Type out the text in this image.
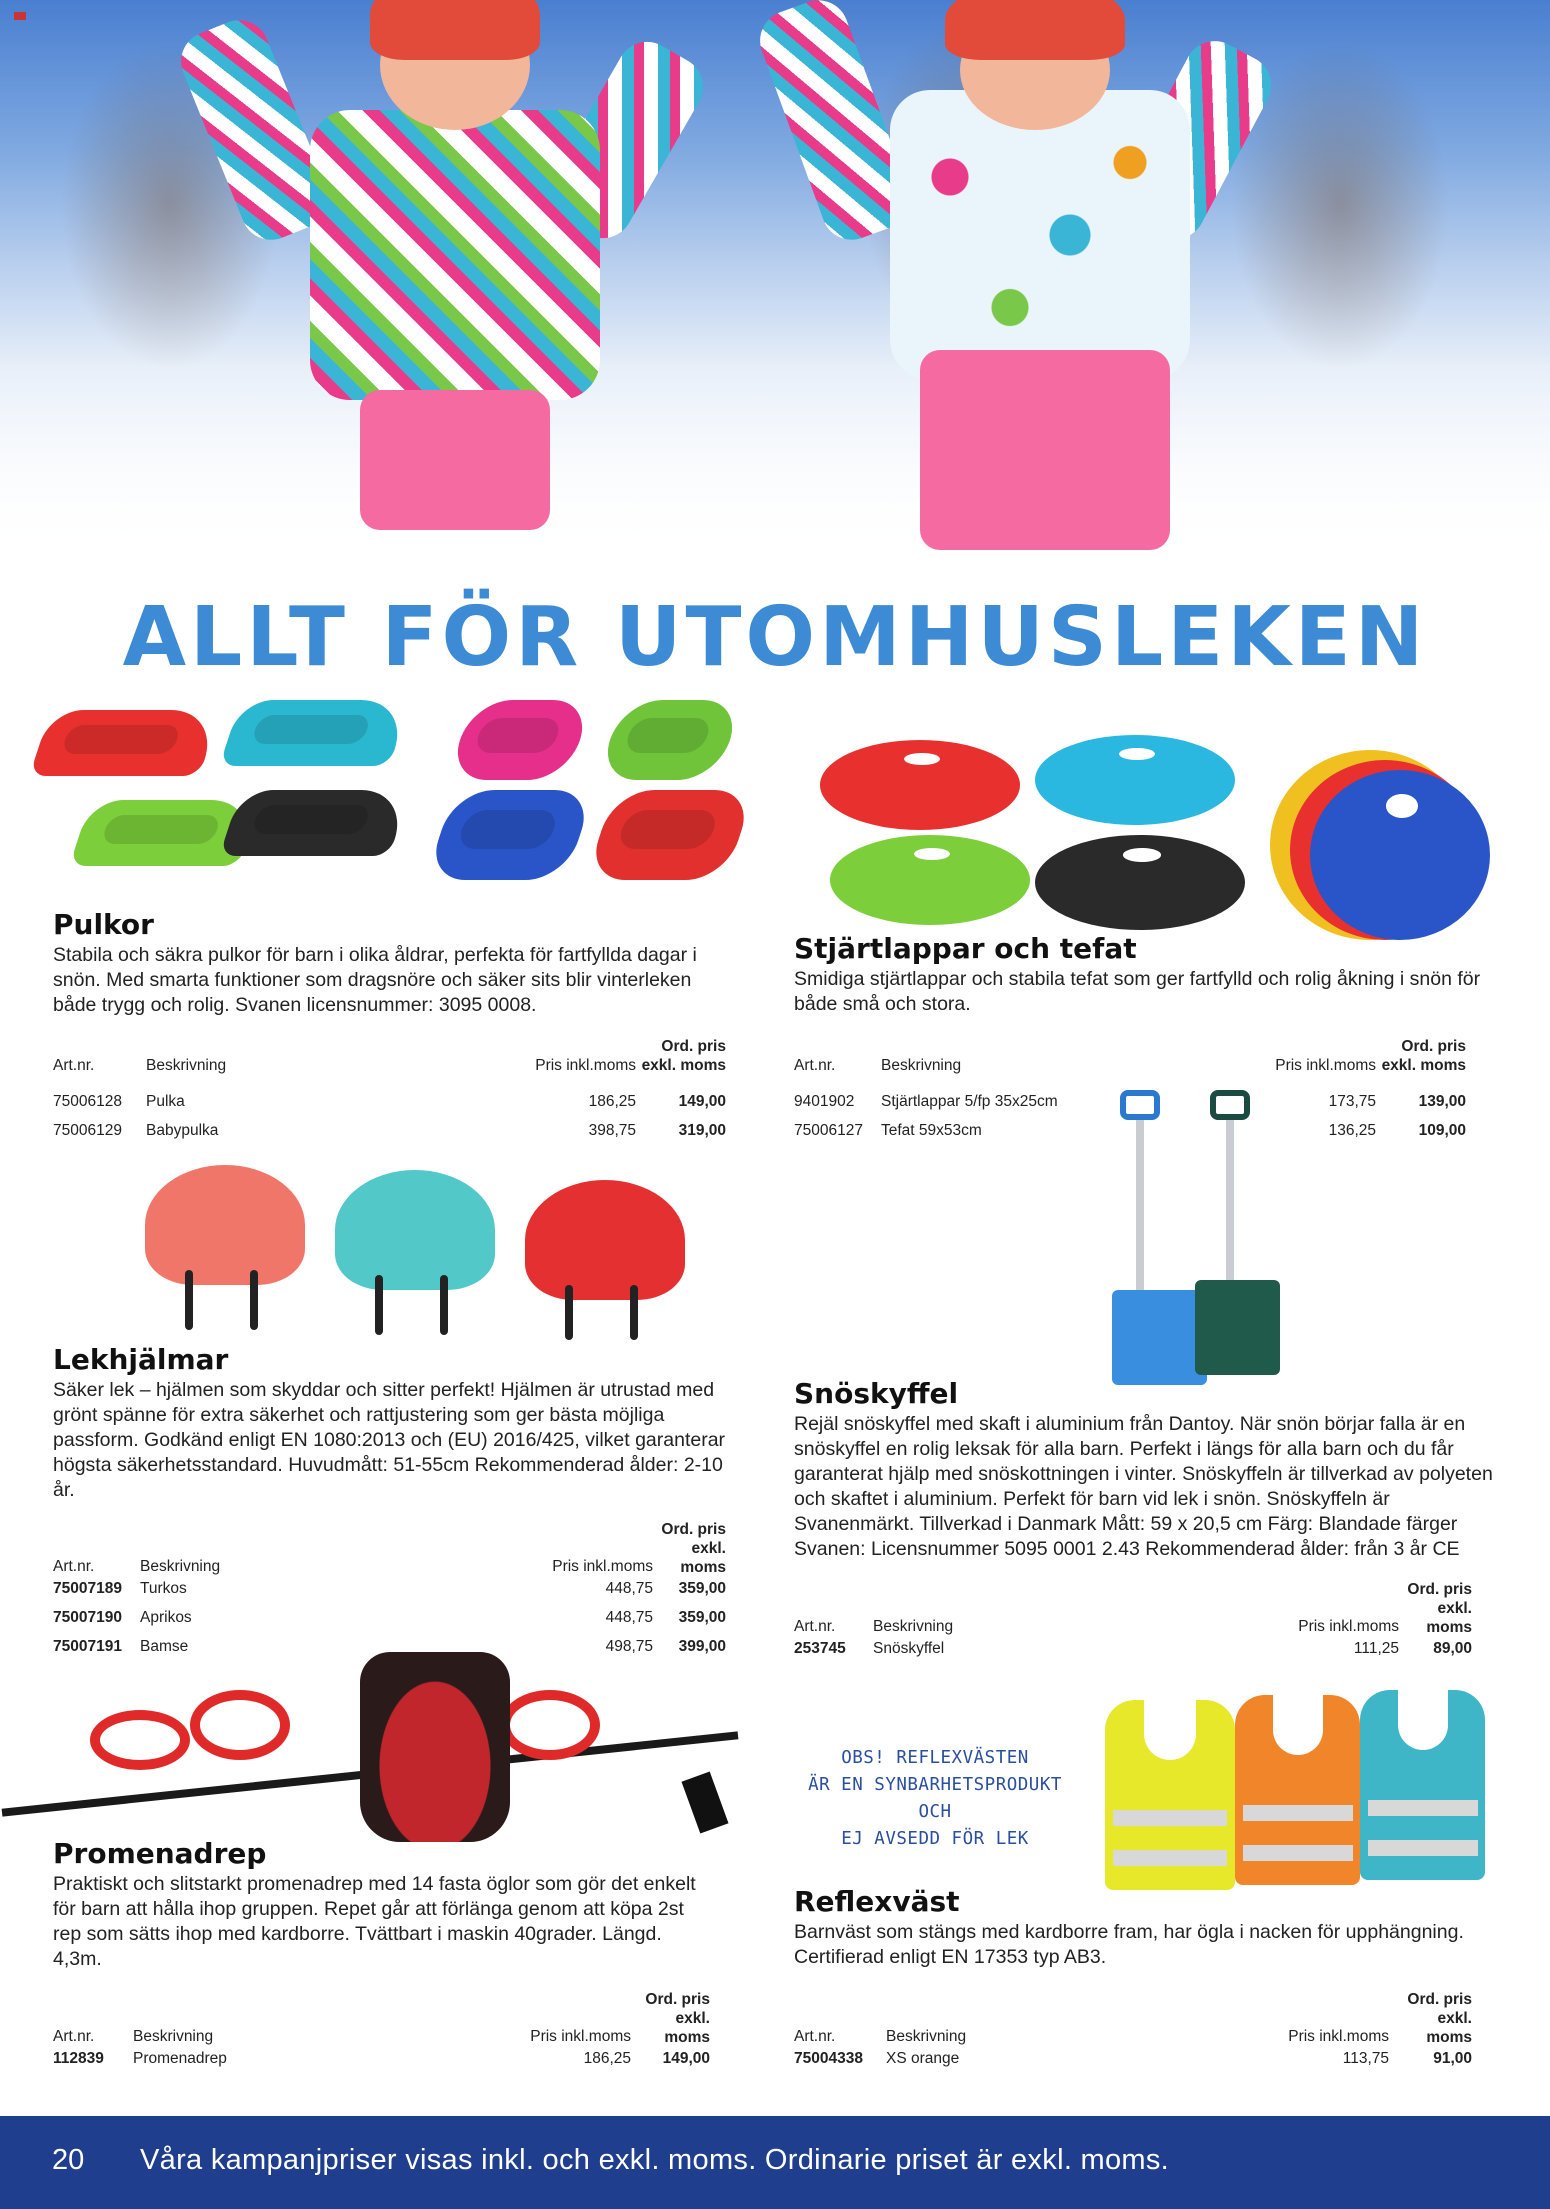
ALLT FÖR UTOMHUSLEKEN
Pulkor

Stabila och säkra pulkor för barn i olika åldrar, perfekta för fartfyllda dagar i snön. Med smarta funktioner som dragsnöre och säker sits blir vinterleken både trygg och rolig. Svanen licensnummer: 3095 0008.

Art.nr.	Beskrivning	Pris inkl.moms
Ord. pris
exkl. moms
75006128 Pulka	186,25	149,00
75006129 Babypulka	398,75	319,00
Stjärtlappar och tefat

Smidiga stjärtlappar och stabila tefat som ger fartfylld och rolig åkning i snön för både små och stora.

Art.nr.	Beskrivning	Pris inkl.moms
Ord. pris
exkl. moms
9401902 Stjärtlappar 5/fp 35x25cm	173,75	139,00
75006127 Tefat 59x53cm	136,25	109,00
Lekhjälmar

Säker lek – hjälmen som skyddar och sitter perfekt! Hjälmen är utrustad med grönt spänne för extra säkerhet och rattjustering som ger bästa möjliga passform. Godkänd enligt EN 1080:2013 och (EU) 2016/425, vilket garanterar högsta säkerhetsstandard. Huvudmått: 51-55cm Rekommenderad ålder: 2-10 år.

Art.nr.	Beskrivning	Pris inkl.moms
Ord. pris
exkl.
moms
75007189 Turkos	448,75 359,00
75007190 Aprikos	448,75 359,00
75007191 Bamse	498,75 399,00
Snöskyffel

Rejäl snöskyffel med skaft i aluminium från Dantoy. När snön börjar falla är en snöskyffel en rolig leksak för alla barn. Perfekt i längs för alla barn och du får garanterat hjälp med snöskottningen i vinter. Snöskyffeln är tillverkad av polyeten och skaftet i aluminium. Perfekt för barn vid lek i snön. Snöskyffeln är Svanenmärkt. Tillverkad i Danmark Mått: 59 x 20,5 cm Färg: Blandade färger Svanen: Licensnummer 5095 0001 2.43 Rekommenderad ålder: från 3 år CE

Art.nr. Beskrivning	Pris inkl.moms
Ord. pris
exkl.
moms
253745 Snöskyffel	111,25 89,00
OBS! REFLEXVÄSTEN
ÄR EN SYNBARHETSPRODUKT OCH
EJ AVSEDD FÖR LEK
Promenadrep

Praktiskt och slitstarkt promenadrep med 14 fasta öglor som gör det enkelt för barn att hålla ihop gruppen. Repet går att förlänga genom att köpa 2st rep som sätts ihop med kardborre. Tvättbart i maskin 40grader. Längd. 4,3m.

Art.nr. Beskrivning	Pris inkl.moms
Ord. pris
exkl.
moms
112839 Promenadrep	186,25 149,00
Reflexväst

Barnväst som stängs med kardborre fram, har ögla i nacken för upphängning. Certifierad enligt EN 17353 typ AB3.

Art.nr.	Beskrivning	Pris inkl.moms
Ord. pris
exkl.
moms
75004338 XS orange	113,75	91,00
20 Våra kampanjpriser visas inkl. och exkl. moms. Ordinarie priset är exkl. moms.
